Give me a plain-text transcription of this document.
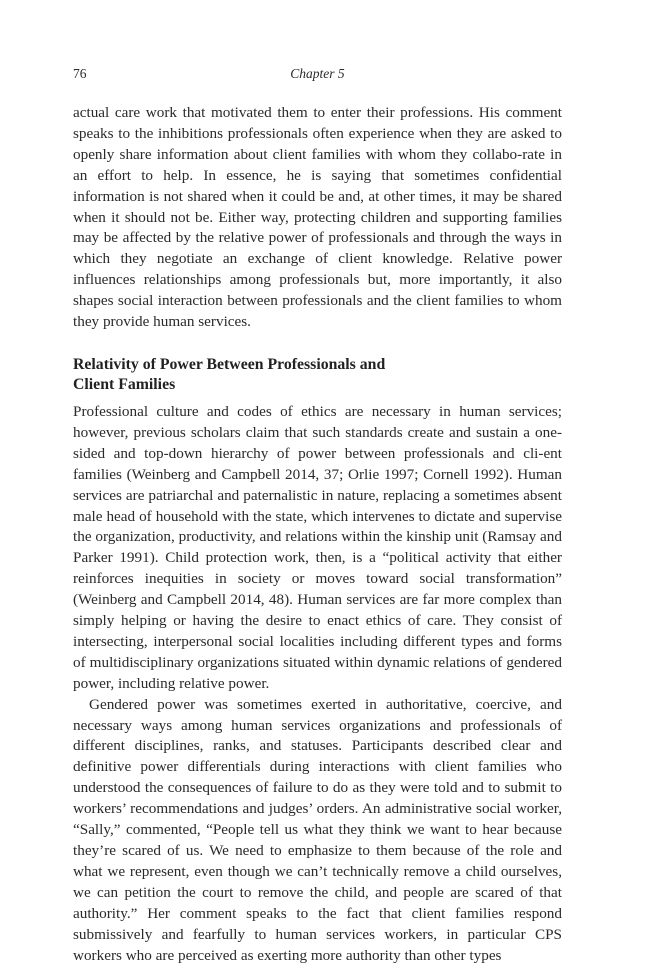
76	Chapter 5

actual care work that motivated them to enter their professions. His comment speaks to the inhibitions professionals often experience when they are asked to openly share information about client families with whom they collabo-rate in an effort to help. In essence, he is saying that sometimes confidential information is not shared when it could be and, at other times, it may be shared when it should not be. Either way, protecting children and supporting families may be affected by the relative power of professionals and through the ways in which they negotiate an exchange of client knowledge. Relative power influences relationships among professionals but, more importantly, it also shapes social interaction between professionals and the client families to whom they provide human services.

Relativity of Power Between Professionals and
Client Families

Professional culture and codes of ethics are necessary in human services; however, previous scholars claim that such standards create and sustain a one-sided and top-down hierarchy of power between professionals and cli-ent families (Weinberg and Campbell 2014, 37; Orlie 1997; Cornell 1992). Human services are patriarchal and paternalistic in nature, replacing a sometimes absent male head of household with the state, which intervenes to dictate and supervise the organization, productivity, and relations within the kinship unit (Ramsay and Parker 1991). Child protection work, then, is a “political activity that either reinforces inequities in society or moves toward social transformation” (Weinberg and Campbell 2014, 48). Human services are far more complex than simply helping or having the desire to enact ethics of care. They consist of intersecting, interpersonal social localities including different types and forms of multidisciplinary organizations situated within dynamic relations of gendered power, including relative power.

Gendered power was sometimes exerted in authoritative, coercive, and necessary ways among human services organizations and professionals of different disciplines, ranks, and statuses. Participants described clear and definitive power differentials during interactions with client families who understood the consequences of failure to do as they were told and to submit to workers’ recommendations and judges’ orders. An administrative social worker, “Sally,” commented, “People tell us what they think we want to hear because they’re scared of us. We need to emphasize to them because of the role and what we represent, even though we can’t technically remove a child ourselves, we can petition the court to remove the child, and people are scared of that authority.” Her comment speaks to the fact that client families respond submissively and fearfully to human services workers, in particular CPS workers who are perceived as exerting more authority than other types
